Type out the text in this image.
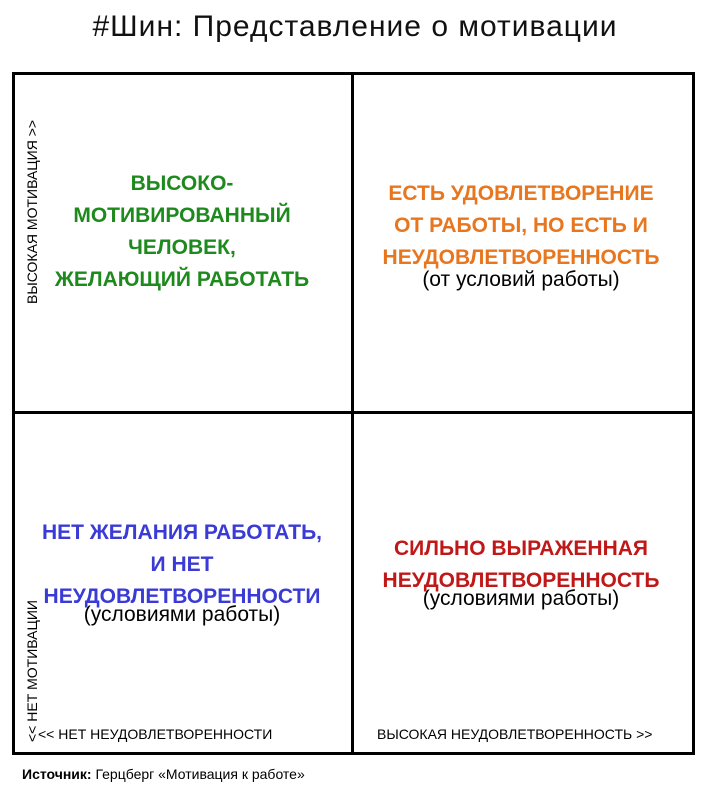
#Шин: Представление о мотивации
ВЫСОКО-
МОТИВИРОВАННЫЙ
ЧЕЛОВЕК,
ЖЕЛАЮЩИЙ РАБОТАТЬ
ЕСТЬ УДОВЛЕТВОРЕНИЕ
ОТ РАБОТЫ, НО ЕСТЬ И
НЕУДОВЛЕТВОРЕННОСТЬ
(от условий работы)
НЕТ ЖЕЛАНИЯ РАБОТАТЬ,
И НЕТ
НЕУДОВЛЕТВОРЕННОСТИ
(условиями работы)
СИЛЬНО ВЫРАЖЕННАЯ
НЕУДОВЛЕТВОРЕННОСТЬ
(условиями работы)
ВЫСОКАЯ МОТИВАЦИЯ >>
<< НЕТ МОТИВАЦИИ
<< НЕТ НЕУДОВЛЕТВОРЕННОСТИ	ВЫСОКАЯ НЕУДОВЛЕТВОРЕННОСТЬ >>
Источник: Герцберг «Мотивация к работе»
